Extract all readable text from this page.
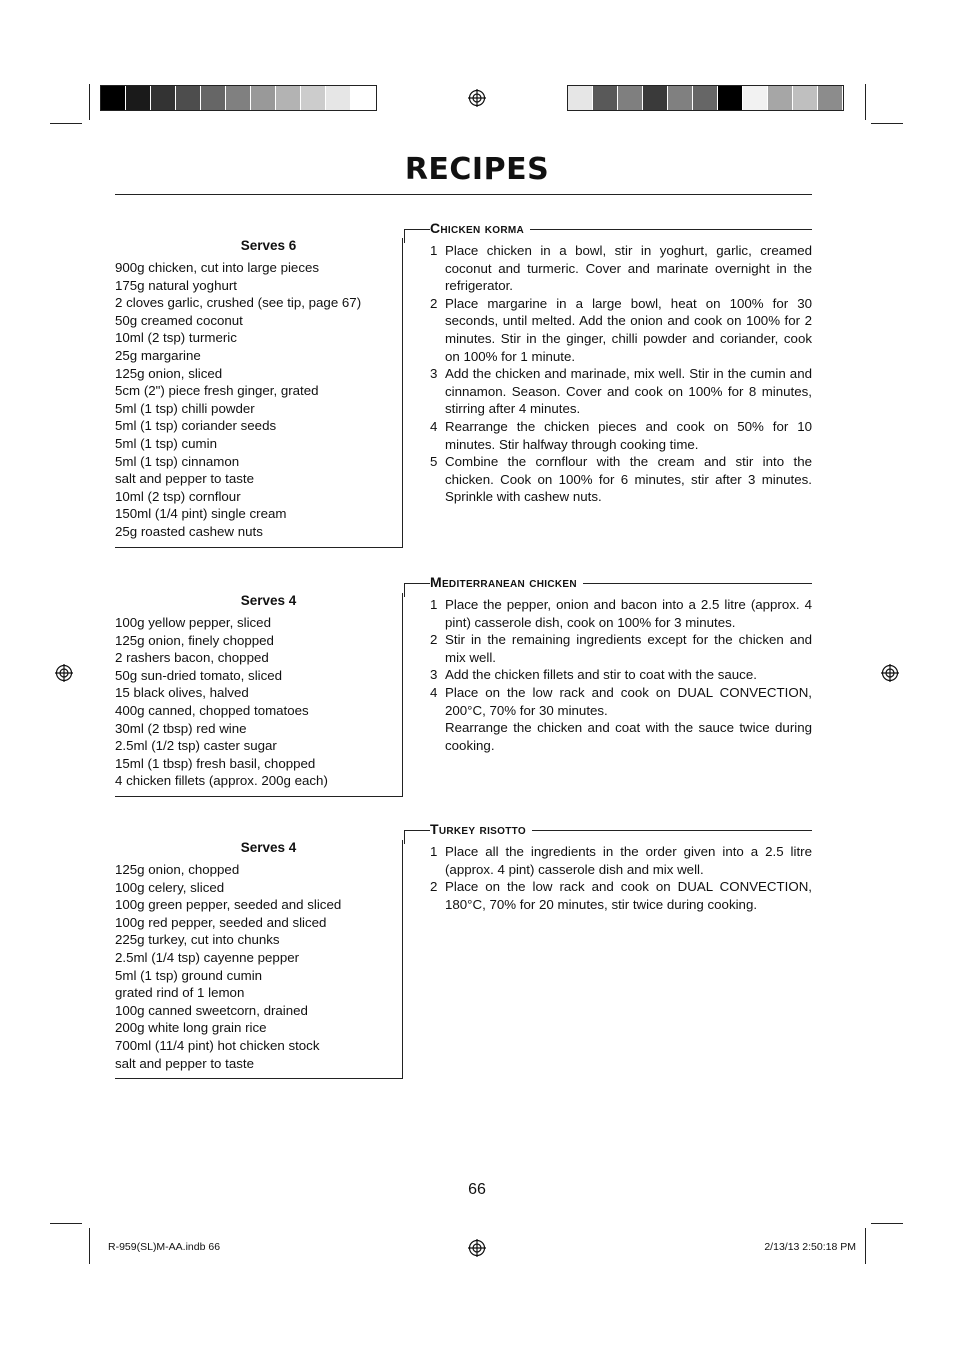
RECIPES
Serves 6
900g chicken, cut into large pieces
175g natural yoghurt
2 cloves garlic, crushed (see tip, page 67)
50g creamed coconut
10ml (2 tsp) turmeric
25g margarine
125g onion, sliced
5cm (2") piece fresh ginger, grated
5ml (1 tsp) chilli powder
5ml (1 tsp) coriander seeds
5ml (1 tsp) cumin
5ml (1 tsp) cinnamon
salt and pepper to taste
10ml (2 tsp) cornflour
150ml (1/4 pint) single cream
25g roasted cashew nuts
Chicken korma
1 Place chicken in a bowl, stir in yoghurt, garlic, creamed coconut and turmeric. Cover and marinate overnight in the refrigerator.
2 Place margarine in a large bowl, heat on 100% for 30 seconds, until melted. Add the onion and cook on 100% for 2 minutes. Stir in the ginger, chilli powder and coriander, cook on 100% for 1 minute.
3 Add the chicken and marinade, mix well. Stir in the cumin and cinnamon. Season. Cover and cook on 100% for 8 minutes, stirring after 4 minutes.
4 Rearrange the chicken pieces and cook on 50% for 10 minutes. Stir halfway through cooking time.
5 Combine the cornflour with the cream and stir into the chicken. Cook on 100% for 6 minutes, stir after 3 minutes. Sprinkle with cashew nuts.
Serves 4
100g yellow pepper, sliced
125g onion, finely chopped
2 rashers bacon, chopped
50g sun-dried tomato, sliced
15 black olives, halved
400g canned, chopped tomatoes
30ml (2 tbsp) red wine
2.5ml (1/2 tsp) caster sugar
15ml (1 tbsp) fresh basil, chopped
4 chicken fillets (approx. 200g each)
Mediterranean chicken
1 Place the pepper, onion and bacon into a 2.5 litre (approx. 4 pint) casserole dish, cook on 100% for 3 minutes.
2 Stir in the remaining ingredients except for the chicken and mix well.
3 Add the chicken fillets and stir to coat with the sauce.
4 Place on the low rack and cook on DUAL CONVECTION, 200°C, 70% for 30 minutes.
Rearrange the chicken and coat with the sauce twice during cooking.
Serves 4
125g onion, chopped
100g celery, sliced
100g green pepper, seeded and sliced
100g red pepper, seeded and sliced
225g turkey, cut into chunks
2.5ml (1/4 tsp) cayenne pepper
5ml (1 tsp) ground cumin
grated rind of 1 lemon
100g canned sweetcorn, drained
200g white long grain rice
700ml (11/4 pint) hot chicken stock
salt and pepper to taste
Turkey risotto
1 Place all the ingredients in the order given into a 2.5 litre (approx. 4 pint) casserole dish and mix well.
2 Place on the low rack and cook on DUAL CONVECTION, 180°C, 70% for 20 minutes, stir twice during cooking.
66
R-959(SL)M-AA.indb 66	2/13/13 2:50:18 PM
